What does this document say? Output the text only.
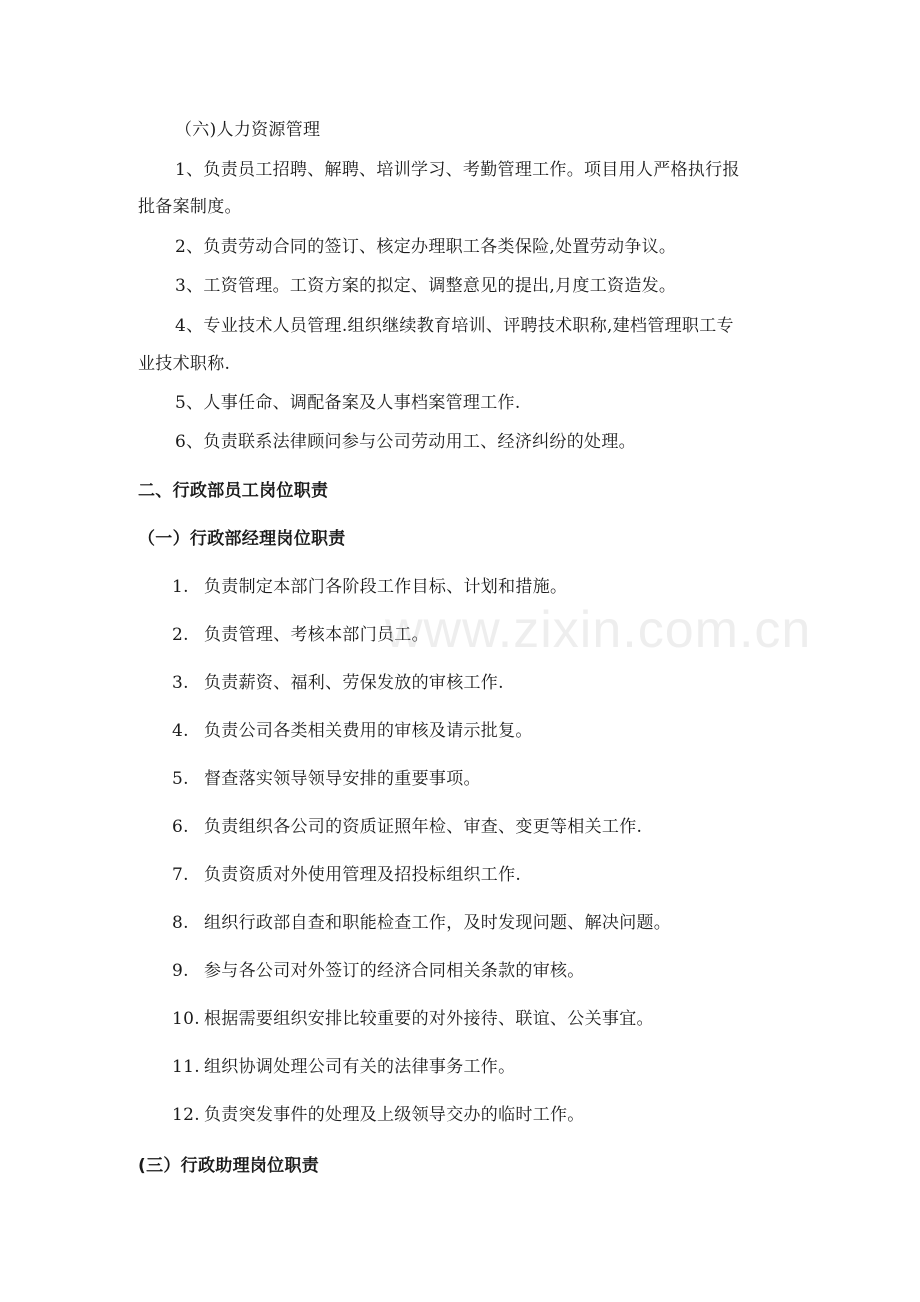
（六)人力资源管理
1、负责员工招聘、解聘、培训学习、考勤管理工作。项目用人严格执行报
批备案制度。
2、负责劳动合同的签订、核定办理职工各类保险,处置劳动争议。
3、工资管理。工资方案的拟定、调整意见的提出,月度工资造发。
4、专业技术人员管理.组织继续教育培训、评聘技术职称,建档管理职工专
业技术职称.
5、人事任命、调配备案及人事档案管理工作.
6、负责联系法律顾问参与公司劳动用工、经济纠纷的处理。
二、行政部员工岗位职责
（一）行政部经理岗位职责
1. 负责制定本部门各阶段工作目标、计划和措施。
2. 负责管理、考核本部门员工。
3. 负责薪资、福利、劳保发放的审核工作.
4. 负责公司各类相关费用的审核及请示批复。
5. 督查落实领导领导安排的重要事项。
6. 负责组织各公司的资质证照年检、审查、变更等相关工作.
7. 负责资质对外使用管理及招投标组织工作.
8. 组织行政部自查和职能检查工作，及时发现问题、解决问题。
9. 参与各公司对外签订的经济合同相关条款的审核。
10. 根据需要组织安排比较重要的对外接待、联谊、公关事宜。
11. 组织协调处理公司有关的法律事务工作。
12. 负责突发事件的处理及上级领导交办的临时工作。
(三）行政助理岗位职责
www.zixin.com.cn
